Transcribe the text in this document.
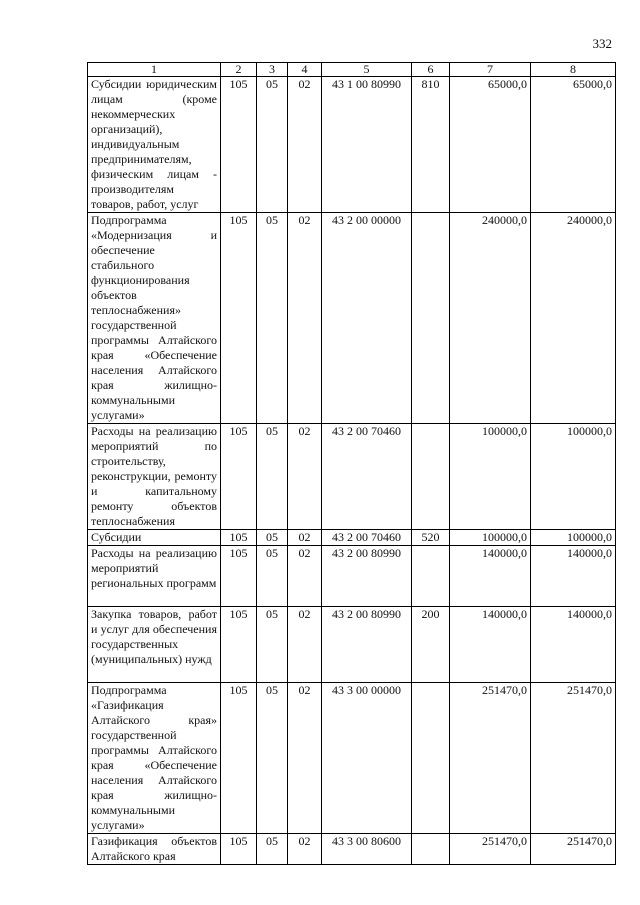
332
1	2	3	4	5	6	7	8
Субсидии юридическим лицам (кроме некоммерческих организаций), индивидуальным предпринимателям, физическим лицам - производителям товаров, работ, услуг	105	05	02	43 1 00 80990	810	65000,0	65000,0
Подпрограмма «Модернизация и обеспечение стабильного функционирования объектов теплоснабжения» государственной программы Алтайского края «Обеспечение населения Алтайского края жилищно-коммунальными услугами»	105	05	02	43 2 00 00000		240000,0	240000,0
Расходы на реализацию мероприятий по строительству, реконструкции, ремонту и капитальному ремонту объектов теплоснабжения	105	05	02	43 2 00 70460		100000,0	100000,0
Субсидии	105	05	02	43 2 00 70460	520	100000,0	100000,0
Расходы на реализацию мероприятий региональных программ	105	05	02	43 2 00 80990		140000,0	140000,0
Закупка товаров, работ и услуг для обеспечения государственных (муниципальных) нужд	105	05	02	43 2 00 80990	200	140000,0	140000,0
Подпрограмма «Газификация Алтайского края» государственной программы Алтайского края «Обеспечение населения Алтайского края жилищно-коммунальными услугами»	105	05	02	43 3 00 00000		251470,0	251470,0
Газификация объектов Алтайского края	105	05	02	43 3 00 80600		251470,0	251470,0
